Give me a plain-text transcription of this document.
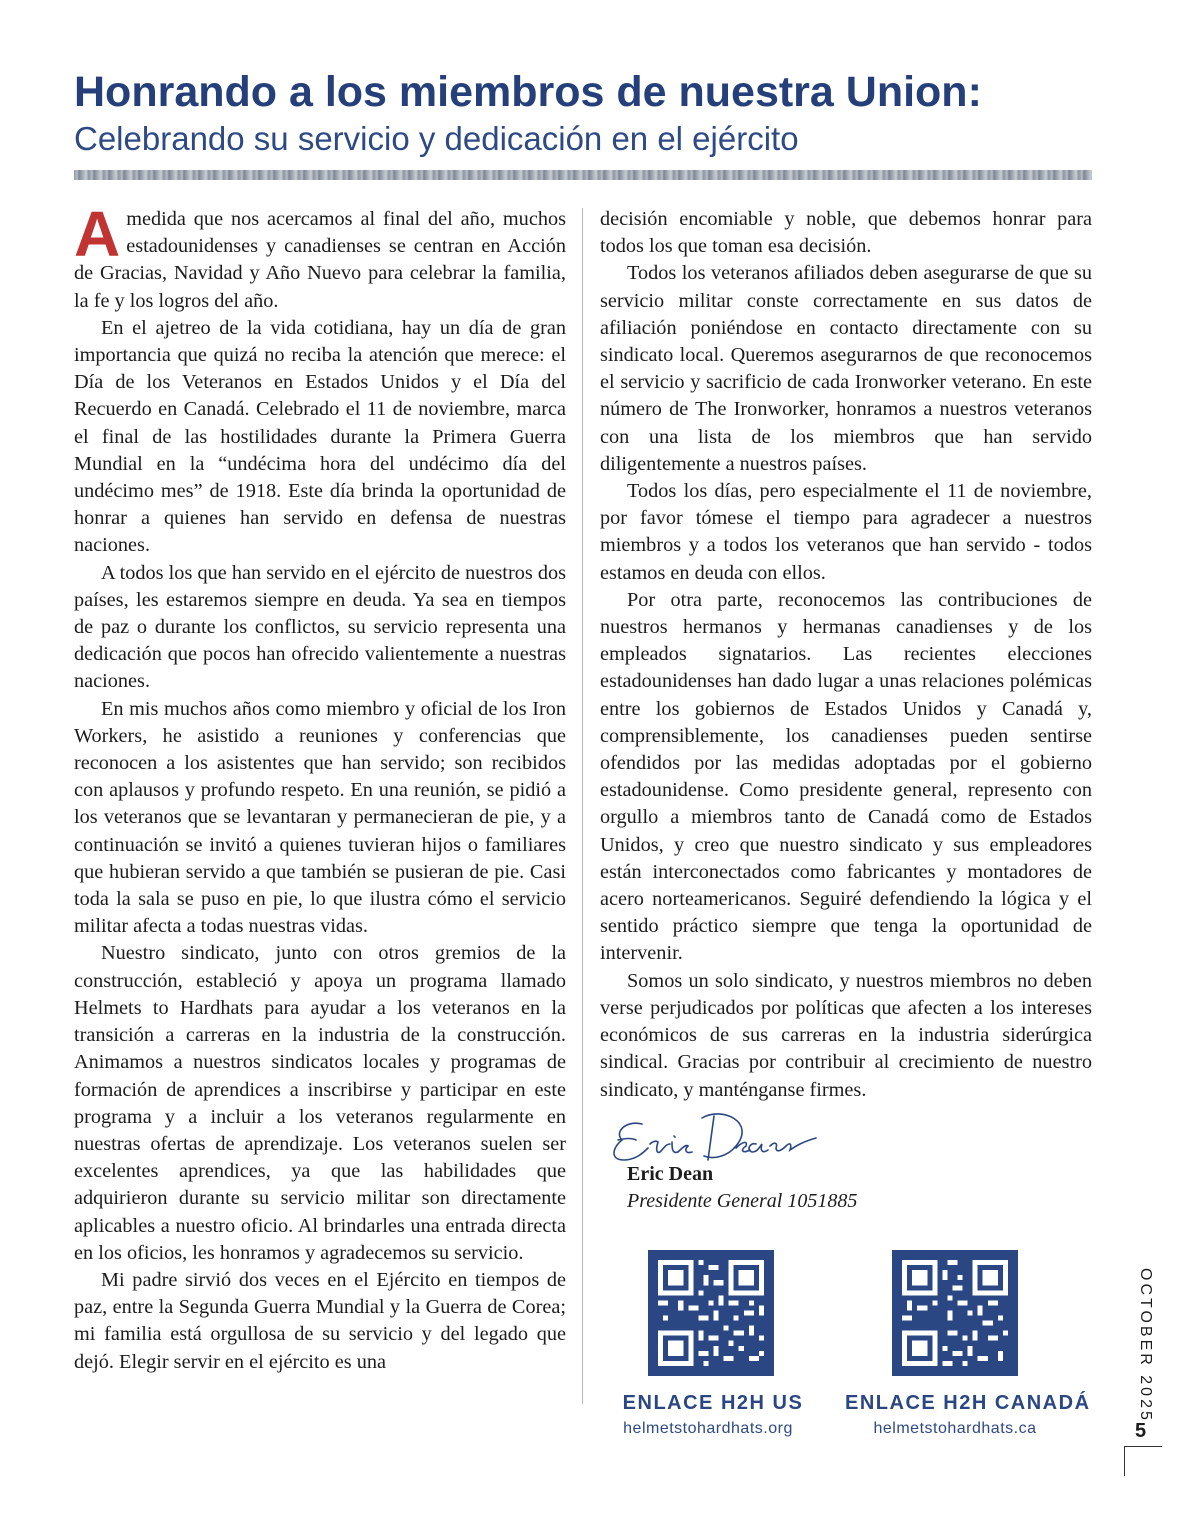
Honrando a los miembros de nuestra Union:
Celebrando su servicio y dedicación en el ejército

Amedida que nos acercamos al final del año, muchos estadounidenses y canadienses se centran en Acción de Gracias, Navidad y Año Nuevo para celebrar la familia, la fe y los logros del año.

En el ajetreo de la vida cotidiana, hay un día de gran importancia que quizá no reciba la atención que merece: el Día de los Veteranos en Estados Unidos y el Día del Recuerdo en Canadá. Celebrado el 11 de noviembre, marca el final de las hostilidades durante la Primera Guerra Mundial en la “undécima hora del undécimo día del undécimo mes” de 1918. Este día brinda la oportunidad de honrar a quienes han servido en defensa de nuestras naciones.

A todos los que han servido en el ejército de nuestros dos países, les estaremos siempre en deuda. Ya sea en tiempos de paz o durante los conflictos, su servicio representa una dedicación que pocos han ofrecido valientemente a nuestras naciones.

En mis muchos años como miembro y oficial de los Iron Workers, he asistido a reuniones y conferencias que reconocen a los asistentes que han servido; son recibidos con aplausos y profundo respeto. En una reunión, se pidió a los veteranos que se levantaran y permanecieran de pie, y a continuación se invitó a quienes tuvieran hijos o familiares que hubieran servido a que también se pusieran de pie. Casi toda la sala se puso en pie, lo que ilustra cómo el servicio militar afecta a todas nuestras vidas.

Nuestro sindicato, junto con otros gremios de la construcción, estableció y apoya un programa llamado Helmets to Hardhats para ayudar a los veteranos en la transición a carreras en la industria de la construcción. Animamos a nuestros sindicatos locales y programas de formación de aprendices a inscribirse y participar en este programa y a incluir a los veteranos regularmente en nuestras ofertas de aprendizaje. Los veteranos suelen ser excelentes aprendices, ya que las habilidades que adquirieron durante su servicio militar son directamente aplicables a nuestro oficio. Al brindarles una entrada directa en los oficios, les honramos y agradecemos su servicio.

Mi padre sirvió dos veces en el Ejército en tiempos de paz, entre la Segunda Guerra Mundial y la Guerra de Corea; mi familia está orgullosa de su servicio y del legado que dejó. Elegir servir en el ejército es una

decisión encomiable y noble, que debemos honrar para todos los que toman esa decisión.

Todos los veteranos afiliados deben asegurarse de que su servicio militar conste correctamente en sus datos de afiliación poniéndose en contacto directamente con su sindicato local. Queremos asegurarnos de que reconocemos el servicio y sacrificio de cada Ironworker veterano. En este número de The Ironworker, honramos a nuestros veteranos con una lista de los miembros que han servido diligentemente a nuestros países.

Todos los días, pero especialmente el 11 de noviembre, por favor tómese el tiempo para agradecer a nuestros miembros y a todos los veteranos que han servido - todos estamos en deuda con ellos.

Por otra parte, reconocemos las contribuciones de nuestros hermanos y hermanas canadienses y de los empleados signatarios. Las recientes elecciones estadounidenses han dado lugar a unas relaciones polémicas entre los gobiernos de Estados Unidos y Canadá y, comprensiblemente, los canadienses pueden sentirse ofendidos por las medidas adoptadas por el gobierno estadounidense. Como presidente general, represento con orgullo a miembros tanto de Canadá como de Estados Unidos, y creo que nuestro sindicato y sus empleadores están interconectados como fabricantes y montadores de acero norteamericanos. Seguiré defendiendo la lógica y el sentido práctico siempre que tenga la oportunidad de intervenir.

Somos un solo sindicato, y nuestros miembros no deben verse perjudicados por políticas que afecten a los intereses económicos de sus carreras en la industria siderúrgica sindical. Gracias por contribuir al crecimiento de nuestro sindicato, y manténganse firmes.

Eric Dean
Presidente General 1051885
ENLACE H2H US
helmetstohardhats.org
ENLACE H2H CANADÁ
helmetstohardhats.ca
OCTOBER 2025
5
